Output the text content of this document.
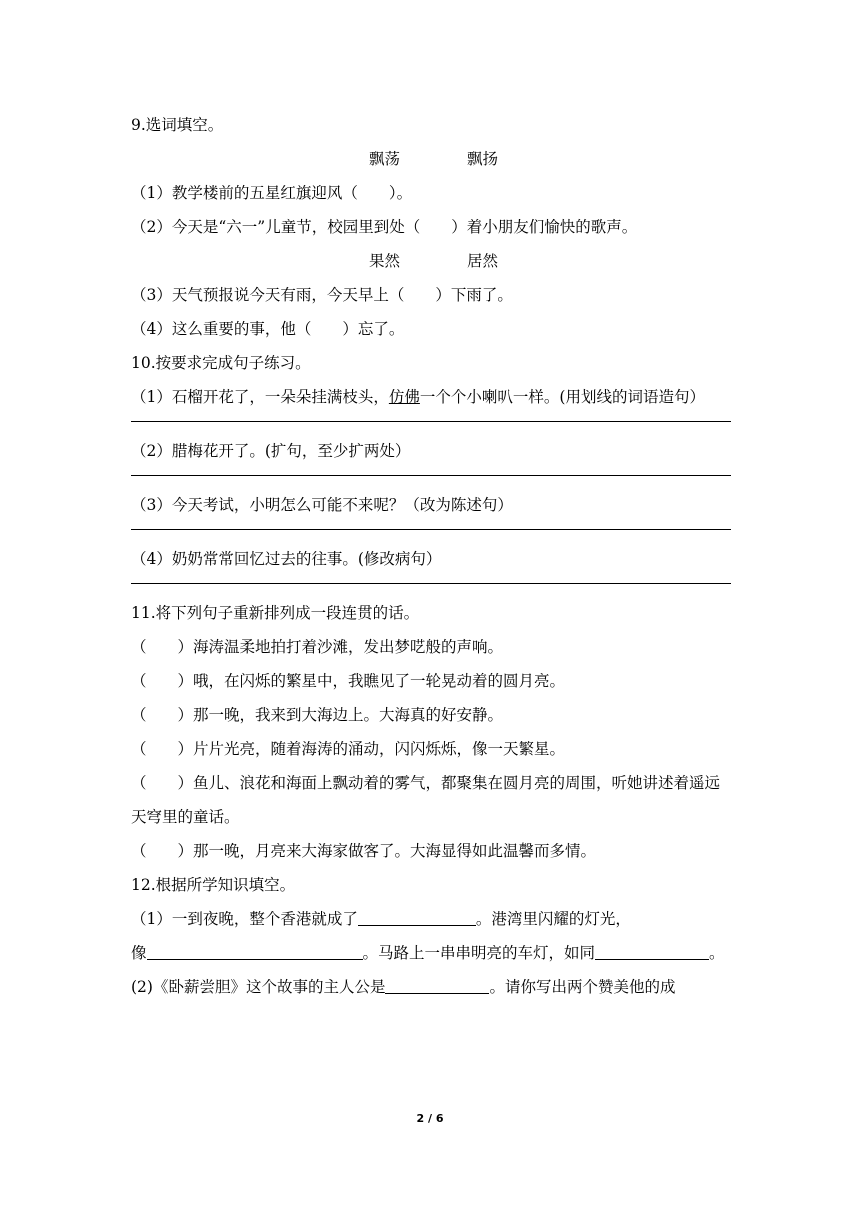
9.选词填空。
飘荡	飘扬
（1）教学楼前的五星红旗迎风（　　）。
（2）今天是“六一”儿童节，校园里到处（　　）着小朋友们愉快的歌声。
果然	居然
（3）天气预报说今天有雨，今天早上（　　）下雨了。
（4）这么重要的事，他（　　）忘了。
10.按要求完成句子练习。
（1）石榴开花了，一朵朵挂满枝头，仿佛一个个小喇叭一样。(用划线的词语造句）
（2）腊梅花开了。(扩句，至少扩两处）
（3）今天考试，小明怎么可能不来呢？（改为陈述句）
（4）奶奶常常回忆过去的往事。(修改病句）
11.将下列句子重新排列成一段连贯的话。
（　　）海涛温柔地拍打着沙滩，发出梦呓般的声响。
（　　）哦，在闪烁的繁星中，我瞧见了一轮晃动着的圆月亮。
（　　）那一晚，我来到大海边上。大海真的好安静。
（　　）片片光亮，随着海涛的涌动，闪闪烁烁，像一天繁星。
（　　）鱼儿、浪花和海面上飘动着的雾气，都聚集在圆月亮的周围，听她讲述着遥远天穹里的童话。
（　　）那一晚，月亮来大海家做客了。大海显得如此温馨而多情。
12.根据所学知识填空。
（1）一到夜晚，整个香港就成了	。港湾里闪耀的灯光，
像	。马路上一串串明亮的车灯，如同	。
(2)《卧薪尝胆》这个故事的主人公是	。请你写出两个赞美他的成
2 / 6
